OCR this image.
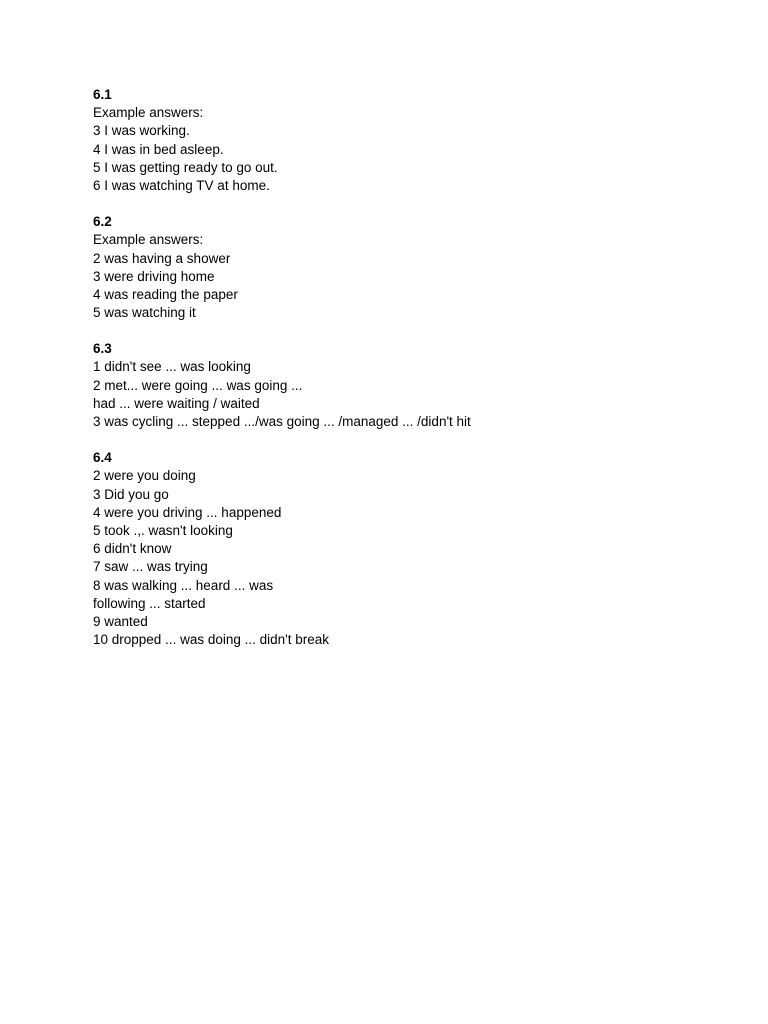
6.1
Example answers:
3 I was working.
4 I was in bed asleep.
5 I was getting ready to go out.
6 I was watching TV at home.
6.2
Example answers:
2 was having a shower
3 were driving home
4 was reading the paper
5 was watching it
6.3
1 didn't see ... was looking
2 met... were going ... was going ...
had ... were waiting / waited
3 was cycling ... stepped .../was going ... /managed ... /didn't hit
6.4
2 were you doing
3 Did you go
4 were you driving ... happened
5 took .,. wasn't looking
6 didn't know
7 saw ... was trying
8 was walking ... heard ... was
following ... started
9 wanted
10 dropped ... was doing ... didn't break
